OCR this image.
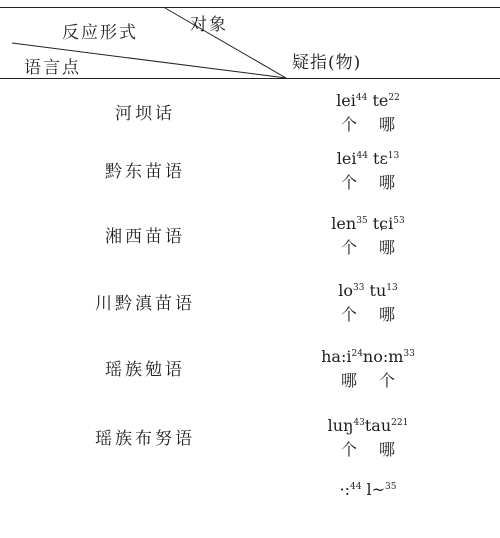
反应形式	对象
语言点	疑指(物)
河坝话
lei$^{44}$ $te^{22}$
个 哪
黔东苗语
lei$^{44}$ tɛ$^{13}$
个 哪
湘西苗语
len$^{35}$ tɕi$^{53}$
个 哪
川黔滇苗语
$lo^{33}$ $tu^{13}$
个 哪
瑶族勉语
$ha:i^{24}no:m^{33}$
哪 个
瑶族布努语
luŋ$^{43}$tau$^{221}$
个 哪
·:$^{44}$ l~$^{35}$
